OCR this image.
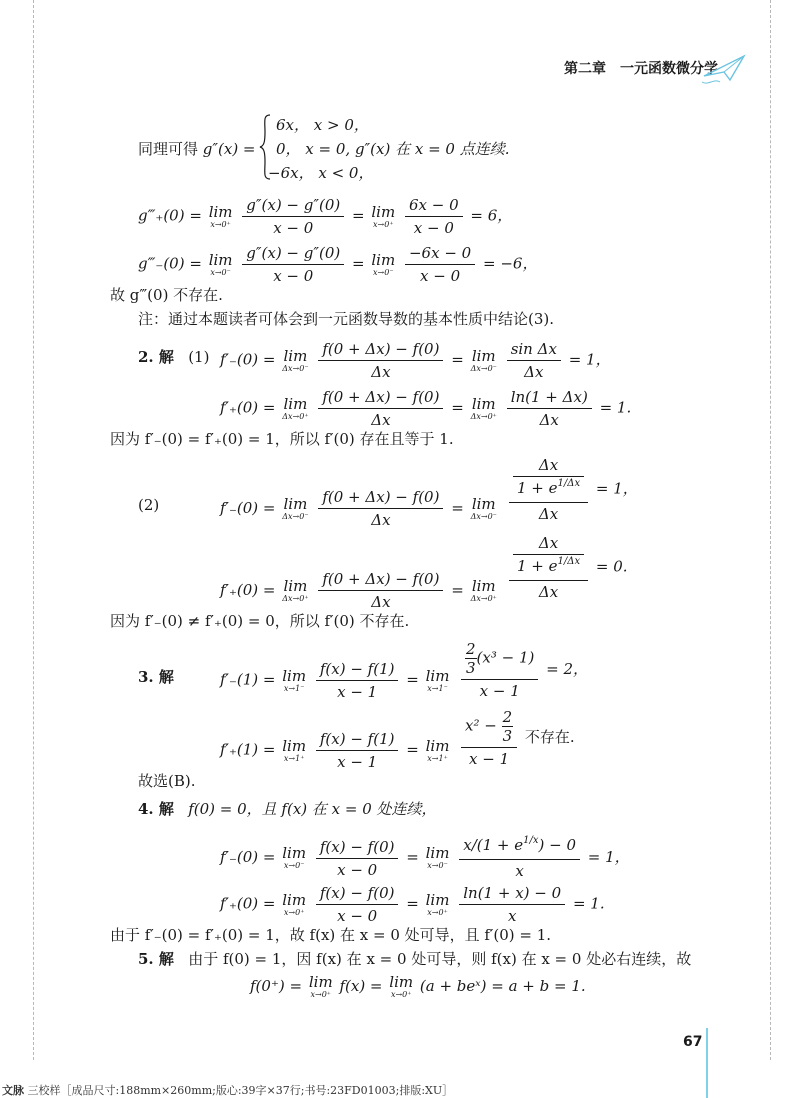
第二章 一元函数微分学
同理可得 g″(x) =
6x， x > 0，
0， x = 0, g″(x) 在 x = 0 点连续.
−6x， x < 0，
g‴₊(0) = lim
x→0⁺
$\frac{g''(x) - g''(0)}{x - 0} = \lim$
x→0⁺
$\frac{6x - 0}{x - 0} = 6$，
g‴₋(0) = lim
x→0⁻
$\frac{g''(x) - g''(0)}{x - 0} = \lim$
x→0⁻
$\frac{-6x - 0}{x - 0} = -6$，
故 g‴(0) 不存在.
注：通过本题读者可体会到一元函数导数的基本性质中结论(3).
2. 解 (1) f′₋(0) = lim
Δx→0⁻
$\frac{f(0 + \Delta x) - f(0)}{\Delta x} = \lim$
Δx→0⁻
$\frac{\text{sin Δx}}{\Delta x} = 1$，
f′₊(0) = lim
Δx→0⁺
$\frac{f(0 + \Delta x) - f(0)}{\Delta x} = \lim$
Δx→0⁺
$\frac{\ln(1 + \Delta x)}{\Delta x} = 1$.
因为 f′₋(0) = f′₊(0) = 1，所以 f′(0) 存在且等于 1.
(2)	f′₋(0) = lim
Δx→0⁻
$\frac{f(0 + \Delta x) - f(0)}{\Delta x} = \lim$
$\Delta x\to 0^- \frac{\frac{\Delta x}{1 + e^{1/\Delta x}}}{\Delta x} = 1$，
f′₊(0) = lim
Δx→0⁺
$\frac{f(0 + \Delta x) - f(0)}{\Delta x} = \lim$
$\Delta x\to 0^+ \frac{\frac{\Delta x}{1 + e^{1/\Delta x}}}{\Delta x} = 0$.
因为 f′₋(0) ≠ f′₊(0) = 0，所以 f′(0) 不存在.
3. 解	f′₋(1) = lim
x→1⁻
$\frac{f(x) - f(1)}{x - 1} = \lim$
$x\to 1^- \frac{\frac{2}{3} (x^3 - 1)}{x - 1} = 2$，
f′₊(1) = lim
x→1⁺
$\frac{f(x) - f(1)}{x - 1} = \lim$
$x\to 1^+ \frac{x^2 - \frac{2}{3}}{x - 1}$ 不存在.
故选(B).
4. 解 f(0) = 0，且 f(x) 在 x = 0 处连续，
f′₋(0) = lim
x→0⁻
$\frac{f(x) - f(0)}{x - 0} = \lim$
x→0⁻
$\frac{x/(1 + e^{1/x}) - 0}{x} = 1$，
f′₊(0) = lim
x→0⁺
$\frac{f(x) - f(0)}{x - 0} = \lim$
x→0⁺
$\frac{\ln(1 + x) - 0}{x} = 1$.
由于 f′₋(0) = f′₊(0) = 1，故 f(x) 在 x = 0 处可导，且 f′(0) = 1.
5. 解 由于 f(0) = 1，因 f(x) 在 x = 0 处可导，则 f(x) 在 x = 0 处必右连续，故
f(0⁺) = lim
x→0⁺ f(x) = lim
x→0⁺ (a + beˣ) = a + b = 1.
67
文脉 三校样［成品尺寸:188mm×260mm;版心:39字×37行;书号:23FD01003;排版:XU］
